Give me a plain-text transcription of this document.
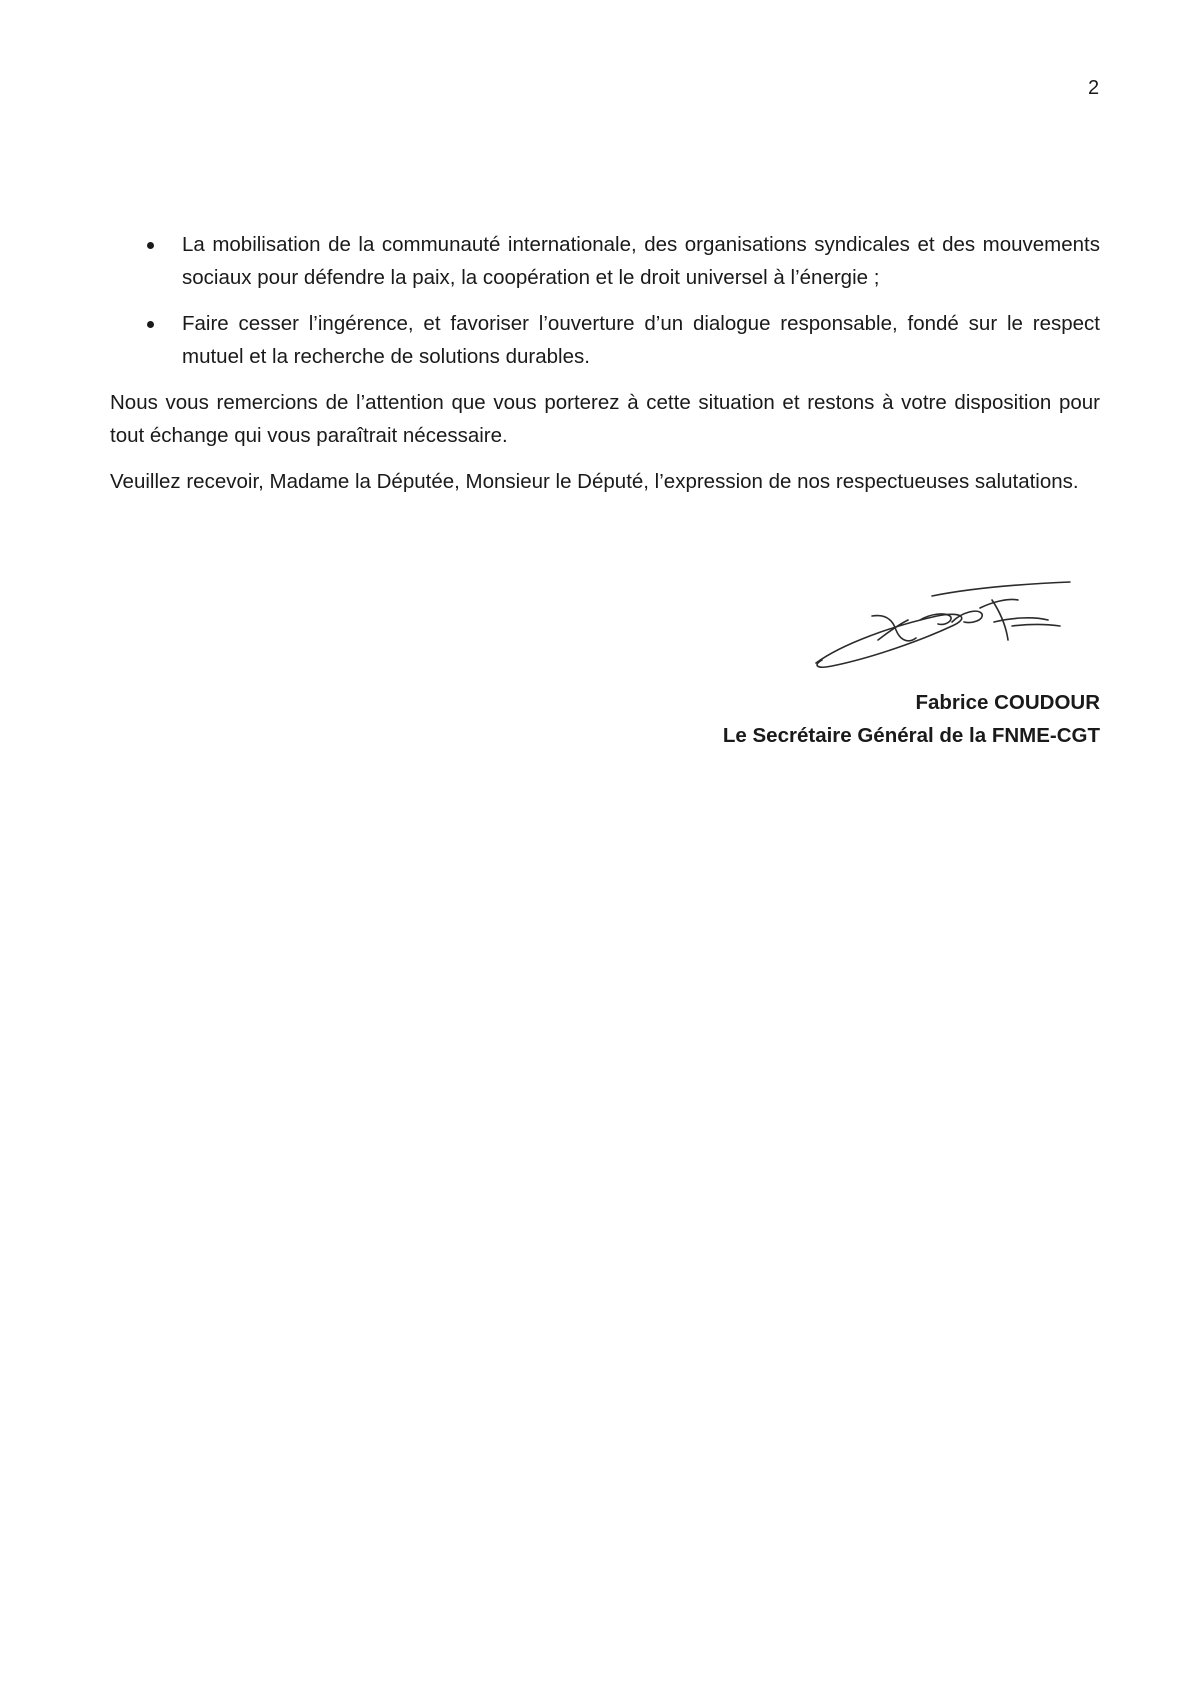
2
La mobilisation de la communauté internationale, des organisations syndicales et des mouvements sociaux pour défendre la paix, la coopération et le droit universel à l’énergie ;
Faire cesser l’ingérence, et favoriser l’ouverture d’un dialogue responsable, fondé sur le respect mutuel et la recherche de solutions durables.

Nous vous remercions de l’attention que vous porterez à cette situation et restons à votre disposition pour tout échange qui vous paraîtrait nécessaire.

Veuillez recevoir, Madame la Députée, Monsieur le Député, l’expression de nos respectueuses salutations.

Fabrice COUDOUR
Le Secrétaire Général de la FNME-CGT
